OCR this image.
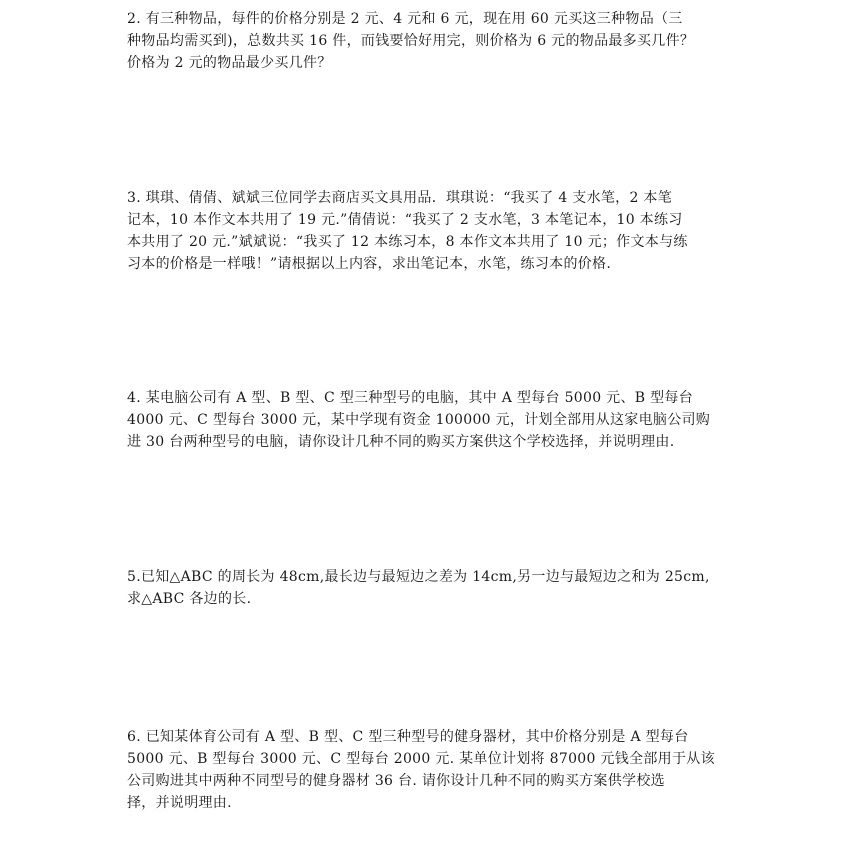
2. 有三种物品，每件的价格分别是 2 元、4 元和 6 元，现在用 60 元买这三种物品（三
种物品均需买到)，总数共买 16 件，而钱要恰好用完，则价格为 6 元的物品最多买几件？
价格为 2 元的物品最少买几件？
3. 琪琪、倩倩、斌斌三位同学去商店买文具用品．琪琪说：“我买了 4 支水笔，2 本笔
记本，10 本作文本共用了 19 元.”倩倩说：“我买了 2 支水笔，3 本笔记本，10 本练习
本共用了 20 元.”斌斌说：“我买了 12 本练习本，8 本作文本共用了 10 元；作文本与练
习本的价格是一样哦！”请根据以上内容，求出笔记本，水笔，练习本的价格.
4. 某电脑公司有 A 型、B 型、C 型三种型号的电脑，其中 A 型每台 5000 元、B 型每台
4000 元、C 型每台 3000 元，某中学现有资金 100000 元，计划全部用从这家电脑公司购
进 30 台两种型号的电脑，请你设计几种不同的购买方案供这个学校选择，并说明理由.
5.已知△ABC 的周长为 48cm,最长边与最短边之差为 14cm,另一边与最短边之和为 25cm,
求△ABC 各边的长.
6. 已知某体育公司有 A 型、B 型、C 型三种型号的健身器材，其中价格分别是 A 型每台
5000 元、B 型每台 3000 元、C 型每台 2000 元. 某单位计划将 87000 元钱全部用于从该
公司购进其中两种不同型号的健身器材 36 台. 请你设计几种不同的购买方案供学校选
择，并说明理由.
